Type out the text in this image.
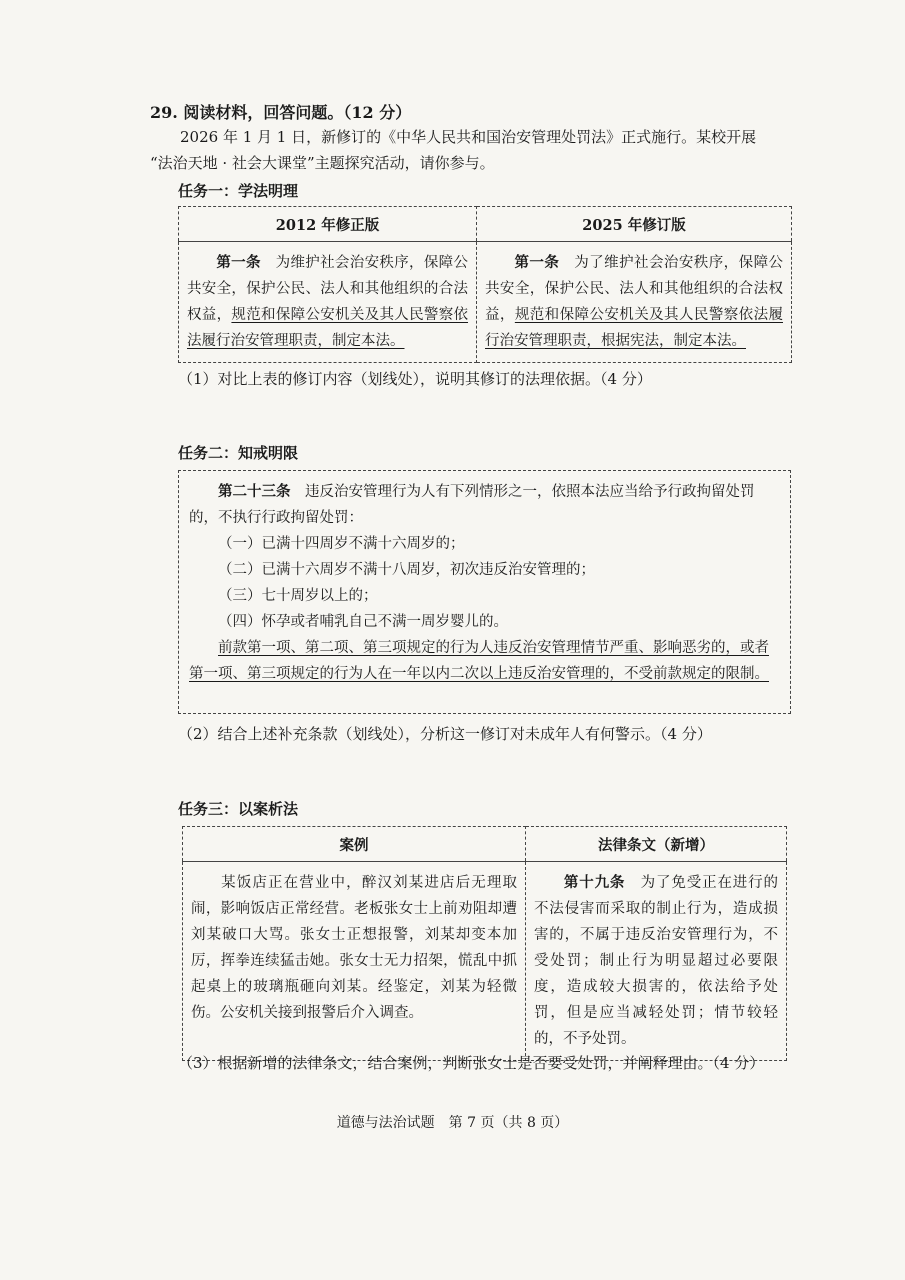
29. 阅读材料，回答问题。（12 分）

2026 年 1 月 1 日，新修订的《中华人民共和国治安管理处罚法》正式施行。某校开展

“法治天地 · 社会大课堂”主题探究活动，请你参与。

任务一：学法明理
2012 年修正版	2025 年修订版
第一条　 为维护社会治安秩序，保障公共安全，保护公民、法人和其他组织的合法权益，规范和保障公安机关及其人民警察依法履行治安管理职责，制定本法。	第一条　 为了维护社会治安秩序，保障公共安全，保护公民、法人和其他组织的合法权益，规范和保障公安机关及其人民警察依法履行治安管理职责，根据宪法，制定本法。
（1）对比上表的修订内容（划线处），说明其修订的法理依据。（4 分）
任务二：知戒明限

第二十三条　 违反治安管理行为人有下列情形之一，依照本法应当给予行政拘留处罚的，不执行行政拘留处罚：

（一）已满十四周岁不满十六周岁的；

（二）已满十六周岁不满十八周岁，初次违反治安管理的；

（三）七十周岁以上的；

（四）怀孕或者哺乳自己不满一周岁婴儿的。

前款第一项、第二项、第三项规定的行为人违反治安管理情节严重、影响恶劣的，或者第一项、第三项规定的行为人在一年以内二次以上违反治安管理的，不受前款规定的限制。

（2）结合上述补充条款（划线处），分析这一修订对未成年人有何警示。（4 分）
任务三：以案析法
案例	法律条文（新增）
某饭店正在营业中，醉汉刘某进店后无理取闹，影响饭店正常经营。老板张女士上前劝阻却遭刘某破口大骂。张女士正想报警，刘某却变本加厉，挥拳连续猛击她。张女士无力招架，慌乱中抓起桌上的玻璃瓶砸向刘某。经鉴定，刘某为轻微伤。公安机关接到报警后介入调查。	第十九条　 为了免受正在进行的不法侵害而采取的制止行为，造成损害的，不属于违反治安管理行为，不受处罚；制止行为明显超过必要限度，造成较大损害的，依法给予处罚，但是应当减轻处罚；情节较轻的，不予处罚。
（3）根据新增的法律条文，结合案例，判断张女士是否要受处罚，并阐释理由。（4 分）
道德与法治试题　第 7 页（共 8 页）
